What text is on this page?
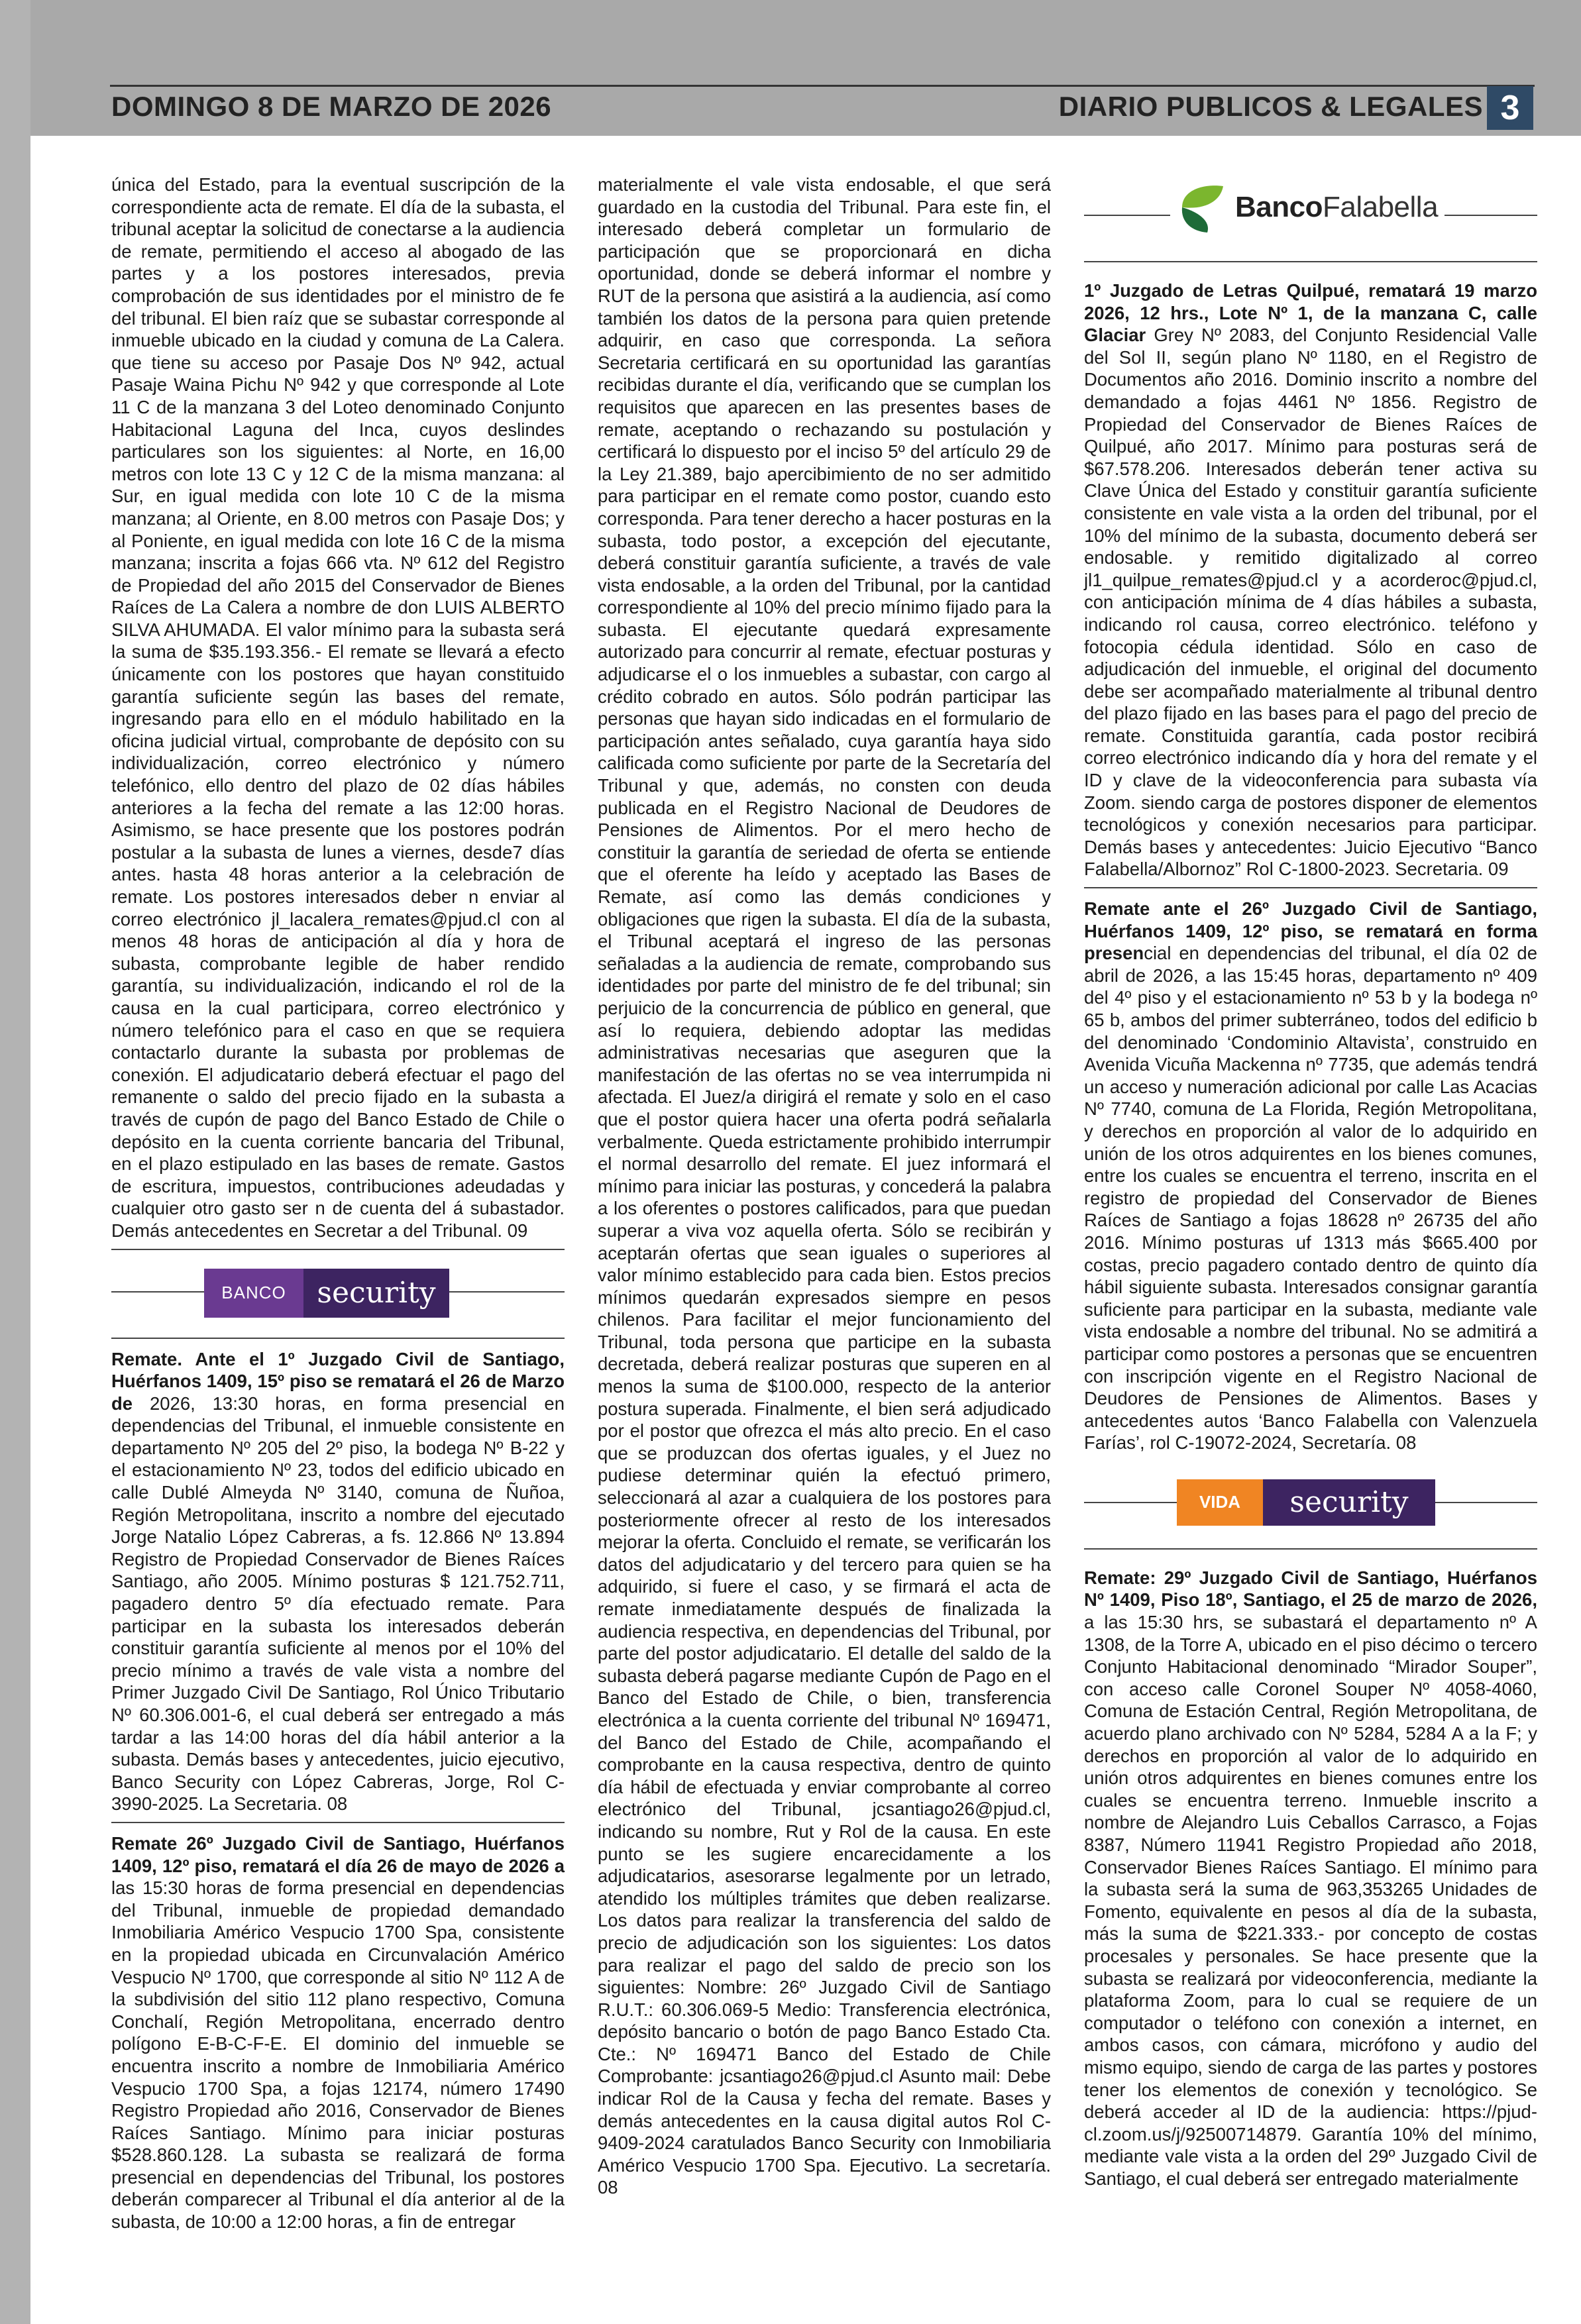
DOMINGO 8 DE MARZO DE 2026	DIARIO PUBLICOS & LEGALES 3

única del Estado, para la eventual suscripción de la correspondiente acta de remate. El día de la subasta, el tribunal aceptar la solicitud de conectarse a la audiencia de remate, permitiendo el acceso al abogado de las partes y a los postores interesados, previa comprobación de sus identidades por el ministro de fe del tribunal. El bien raíz que se subastar corresponde al inmueble ubicado en la ciudad y comuna de La Calera. que tiene su acceso por Pasaje Dos Nº 942, actual Pasaje Waina Pichu Nº 942 y que corresponde al Lote 11 C de la manzana 3 del Loteo denominado Conjunto Habitacional Laguna del Inca, cuyos deslindes particulares son los siguientes: al Norte, en 16,00 metros con lote 13 C y 12 C de la misma manzana: al Sur, en igual medida con lote 10 C de la misma manzana; al Oriente, en 8.00 metros con Pasaje Dos; y al Poniente, en igual medida con lote 16 C de la misma manzana; inscrita a fojas 666 vta. Nº 612 del Registro de Propiedad del año 2015 del Conservador de Bienes Raíces de La Calera a nombre de don LUIS ALBERTO SILVA AHUMADA. El valor mínimo para la subasta será la suma de $35.193.356.- El remate se llevará a efecto únicamente con los postores que hayan constituido garantía suficiente según las bases del remate, ingresando para ello en el módulo habilitado en la oficina judicial virtual, comprobante de depósito con su individualización, correo electrónico y número telefónico, ello dentro del plazo de 02 días hábiles anteriores a la fecha del remate a las 12:00 horas. Asimismo, se hace presente que los postores podrán postular a la subasta de lunes a viernes, desde7 días antes. hasta 48 horas anterior a la celebración de remate. Los postores interesados deber n enviar al correo electrónico jl_lacalera_remates@pjud.cl con al menos 48 horas de anticipación al día y hora de subasta, comprobante legible de haber rendido garantía, su individualización, indicando el rol de la causa en la cual participara, correo electrónico y número telefónico para el caso en que se requiera contactarlo durante la subasta por problemas de conexión. El adjudicatario deberá efectuar el pago del remanente o saldo del precio fijado en la subasta a través de cupón de pago del Banco Estado de Chile o depósito en la cuenta corriente bancaria del Tribunal, en el plazo estipulado en las bases de remate. Gastos de escritura, impuestos, contribuciones adeudadas y cualquier otro gasto ser n de cuenta del á subastador. Demás antecedentes en Secretar a del Tribunal. 09

BANCO	security

Remate. Ante el 1º Juzgado Civil de Santiago, Huérfanos 1409, 15º piso se rematará el 26 de Marzo de 2026, 13:30 horas, en forma presencial en dependencias del Tribunal, el inmueble consistente en departamento Nº 205 del 2º piso, la bodega Nº B-22 y el estacionamiento Nº 23, todos del edificio ubicado en calle Dublé Almeyda Nº 3140, comuna de Ñuñoa, Región Metropolitana, inscrito a nombre del ejecutado Jorge Natalio López Cabreras, a fs. 12.866 Nº 13.894 Registro de Propiedad Conservador de Bienes Raíces Santiago, año 2005. Mínimo posturas $ 121.752.711, pagadero dentro 5º día efectuado remate. Para participar en la subasta los interesados deberán constituir garantía suficiente al menos por el 10% del precio mínimo a través de vale vista a nombre del Primer Juzgado Civil De Santiago, Rol Único Tributario Nº 60.306.001-6, el cual deberá ser entregado a más tardar a las 14:00 horas del día hábil anterior a la subasta. Demás bases y antecedentes, juicio ejecutivo, Banco Security con López Cabreras, Jorge, Rol C-3990-2025. La Secretaria. 08

Remate 26º Juzgado Civil de Santiago, Huérfanos 1409, 12º piso, rematará el día 26 de mayo de 2026 a las 15:30 horas de forma presencial en dependencias del Tribunal, inmueble de propiedad demandado Inmobiliaria Américo Vespucio 1700 Spa, consistente en la propiedad ubicada en Circunvalación Américo Vespucio Nº 1700, que corresponde al sitio Nº 112 A de la subdivisión del sitio 112 plano respectivo, Comuna Conchalí, Región Metropolitana, encerrado dentro polígono E-B-C-F-E. El dominio del inmueble se encuentra inscrito a nombre de Inmobiliaria Américo Vespucio 1700 Spa, a fojas 12174, número 17490 Registro Propiedad año 2016, Conservador de Bienes Raíces Santiago. Mínimo para iniciar posturas $528.860.128. La subasta se realizará de forma presencial en dependencias del Tribunal, los postores deberán comparecer al Tribunal el día anterior al de la subasta, de 10:00 a 12:00 horas, a fin de entregar

BancoFalabella

1º Juzgado de Letras Quilpué, rematará 19 marzo 2026, 12 hrs., Lote Nº 1, de la manzana C, calle Glaciar Grey Nº 2083, del Conjunto Residencial Valle del Sol II, según plano Nº 1180, en el Registro de Documentos año 2016. Dominio inscrito a nombre del demandado a fojas 4461 Nº 1856. Registro de Propiedad del Conservador de Bienes Raíces de Quilpué, año 2017. Mínimo para posturas será de $67.578.206. Interesados deberán tener activa su Clave Única del Estado y constituir garantía suficiente consistente en vale vista a la orden del tribunal, por el 10% del mínimo de la subasta, documento deberá ser endosable. y remitido digitalizado al correo jl1_quilpue_remates@pjud.cl y a acorderoc@pjud.cl, con anticipación mínima de 4 días hábiles a subasta, indicando rol causa, correo electrónico. teléfono y fotocopia cédula identidad. Sólo en caso de adjudicación del inmueble, el original del documento debe ser acompañado materialmente al tribunal dentro del plazo fijado en las bases para el pago del precio de remate. Constituida garantía, cada postor recibirá correo electrónico indicando día y hora del remate y el ID y clave de la videoconferencia para subasta vía Zoom. siendo carga de postores disponer de elementos tecnológicos y conexión necesarios para participar. Demás bases y antecedentes: Juicio Ejecutivo “Banco Falabella/Albornoz” Rol C-1800-2023. Secretaria. 09

Remate ante el 26º Juzgado Civil de Santiago, Huérfanos 1409, 12º piso, se rematará en forma presencial en dependencias del tribunal, el día 02 de abril de 2026, a las 15:45 horas, departamento nº 409 del 4º piso y el estacionamiento nº 53 b y la bodega nº 65 b, ambos del primer subterráneo, todos del edificio b del denominado ‘Condominio Altavista’, construido en Avenida Vicuña Mackenna nº 7735, que además tendrá un acceso y numeración adicional por calle Las Acacias Nº 7740, comuna de La Florida, Región Metropolitana, y derechos en proporción al valor de lo adquirido en unión de los otros adquirentes en los bienes comunes, entre los cuales se encuentra el terreno, inscrita en el registro de propiedad del Conservador de Bienes Raíces de Santiago a fojas 18628 nº 26735 del año 2016. Mínimo posturas uf 1313 más $665.400 por costas, precio pagadero contado dentro de quinto día hábil siguiente subasta. Interesados consignar garantía suficiente para participar en la subasta, mediante vale vista endosable a nombre del tribunal. No se admitirá a participar como postores a personas que se encuentren con inscripción vigente en el Registro Nacional de Deudores de Pensiones de Alimentos. Bases y antecedentes autos ‘Banco Falabella con Valenzuela Farías’, rol C-19072-2024, Secretaría. 08

VIDA	security

Remate: 29º Juzgado Civil de Santiago, Huérfanos Nº 1409, Piso 18º, Santiago, el 25 de marzo de 2026, a las 15:30 hrs, se subastará el departamento nº A 1308, de la Torre A, ubicado en el piso décimo o tercero Conjunto Habitacional denominado “Mirador Souper”, con acceso calle Coronel Souper Nº 4058-4060, Comuna de Estación Central, Región Metropolitana, de acuerdo plano archivado con Nº 5284, 5284 A a la F; y derechos en proporción al valor de lo adquirido en unión otros adquirentes en bienes comunes entre los cuales se encuentra terreno. Inmueble inscrito a nombre de Alejandro Luis Ceballos Carrasco, a Fojas 8387, Número 11941 Registro Propiedad año 2018, Conservador Bienes Raíces Santiago. El mínimo para la subasta será la suma de 963,353265 Unidades de Fomento, equivalente en pesos al día de la subasta, más la suma de $221.333.- por concepto de costas procesales y personales. Se hace presente que la subasta se realizará por videoconferencia, mediante la plataforma Zoom, para lo cual se requiere de un computador o teléfono con conexión a internet, en ambos casos, con cámara, micrófono y audio del mismo equipo, siendo de carga de las partes y postores tener los elementos de conexión y tecnológico. Se deberá acceder al ID de la audiencia: https://pjud-cl.zoom.us/j/92500714879. Garantía 10% del mínimo, mediante vale vista a la orden del 29º Juzgado Civil de Santiago, el cual deberá ser entregado materialmente

materialmente el vale vista endosable, el que será guardado en la custodia del Tribunal. Para este fin, el interesado deberá completar un formulario de participación que se proporcionará en dicha oportunidad, donde se deberá informar el nombre y RUT de la persona que asistirá a la audiencia, así como también los datos de la persona para quien pretende adquirir, en caso que corresponda. La señora Secretaria certificará en su oportunidad las garantías recibidas durante el día, verificando que se cumplan los requisitos que aparecen en las presentes bases de remate, aceptando o rechazando su postulación y certificará lo dispuesto por el inciso 5º del artículo 29 de la Ley 21.389, bajo apercibimiento de no ser admitido para participar en el remate como postor, cuando esto corresponda. Para tener derecho a hacer posturas en la subasta, todo postor, a excepción del ejecutante, deberá constituir garantía suficiente, a través de vale vista endosable, a la orden del Tribunal, por la cantidad correspondiente al 10% del precio mínimo fijado para la subasta. El ejecutante quedará expresamente autorizado para concurrir al remate, efectuar posturas y adjudicarse el o los inmuebles a subastar, con cargo al crédito cobrado en autos. Sólo podrán participar las personas que hayan sido indicadas en el formulario de participación antes señalado, cuya garantía haya sido calificada como suficiente por parte de la Secretaría del Tribunal y que, además, no consten con deuda publicada en el Registro Nacional de Deudores de Pensiones de Alimentos. Por el mero hecho de constituir la garantía de seriedad de oferta se entiende que el oferente ha leído y aceptado las Bases de Remate, así como las demás condiciones y obligaciones que rigen la subasta. El día de la subasta, el Tribunal aceptará el ingreso de las personas señaladas a la audiencia de remate, comprobando sus identidades por parte del ministro de fe del tribunal; sin perjuicio de la concurrencia de público en general, que así lo requiera, debiendo adoptar las medidas administrativas necesarias que aseguren que la manifestación de las ofertas no se vea interrumpida ni afectada. El Juez/a dirigirá el remate y solo en el caso que el postor quiera hacer una oferta podrá señalarla verbalmente. Queda estrictamente prohibido interrumpir el normal desarrollo del remate. El juez informará el mínimo para iniciar las posturas, y concederá la palabra a los oferentes o postores calificados, para que puedan superar a viva voz aquella oferta. Sólo se recibirán y aceptarán ofertas que sean iguales o superiores al valor mínimo establecido para cada bien. Estos precios mínimos quedarán expresados siempre en pesos chilenos. Para facilitar el mejor funcionamiento del Tribunal, toda persona que participe en la subasta decretada, deberá realizar posturas que superen en al menos la suma de $100.000, respecto de la anterior postura superada. Finalmente, el bien será adjudicado por el postor que ofrezca el más alto precio. En el caso que se produzcan dos ofertas iguales, y el Juez no pudiese determinar quién la efectuó primero, seleccionará al azar a cualquiera de los postores para posteriormente ofrecer al resto de los interesados mejorar la oferta. Concluido el remate, se verificarán los datos del adjudicatario y del tercero para quien se ha adquirido, si fuere el caso, y se firmará el acta de remate inmediatamente después de finalizada la audiencia respectiva, en dependencias del Tribunal, por parte del postor adjudicatario. El detalle del saldo de la subasta deberá pagarse mediante Cupón de Pago en el Banco del Estado de Chile, o bien, transferencia electrónica a la cuenta corriente del tribunal Nº 169471, del Banco del Estado de Chile, acompañando el comprobante en la causa respectiva, dentro de quinto día hábil de efectuada y enviar comprobante al correo electrónico del Tribunal, jcsantiago26@pjud.cl, indicando su nombre, Rut y Rol de la causa. En este punto se les sugiere encarecidamente a los adjudicatarios, asesorarse legalmente por un letrado, atendido los múltiples trámites que deben realizarse. Los datos para realizar la transferencia del saldo de precio de adjudicación son los siguientes: Los datos para realizar el pago del saldo de precio son los siguientes: Nombre: 26º Juzgado Civil de Santiago R.U.T.: 60.306.069-5 Medio: Transferencia electrónica, depósito bancario o botón de pago Banco Estado Cta. Cte.: Nº 169471 Banco del Estado de Chile Comprobante: jcsantiago26@pjud.cl Asunto mail: Debe indicar Rol de la Causa y fecha del remate. Bases y demás antecedentes en la causa digital autos Rol C-9409-2024 caratulados Banco Security con Inmobiliaria Américo Vespucio 1700 Spa. Ejecutivo. La secretaría. 08
